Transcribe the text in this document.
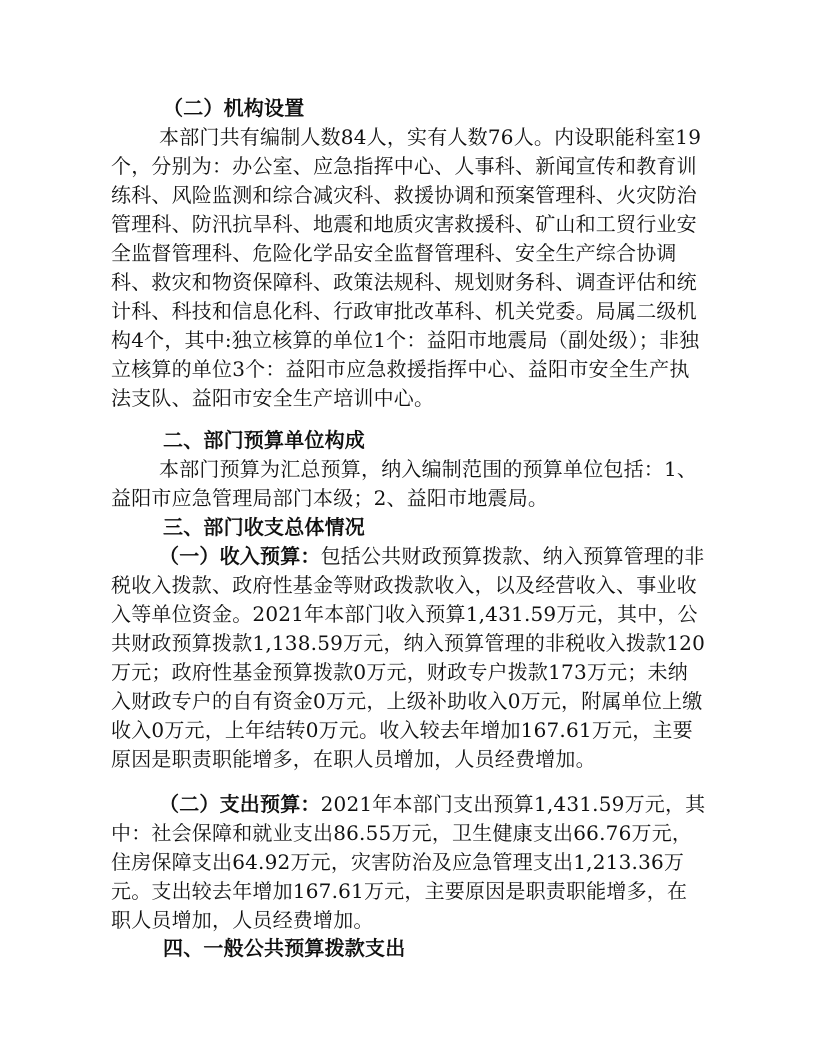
（二）机构设置

本部门共有编制人数84人，实有人数76人。内设职能科室19个，分别为：办公室、应急指挥中心、人事科、新闻宣传和教育训练科、风险监测和综合减灾科、救援协调和预案管理科、火灾防治管理科、防汛抗旱科、地震和地质灾害救援科、矿山和工贸行业安全监督管理科、危险化学品安全监督管理科、安全生产综合协调科、救灾和物资保障科、政策法规科、规划财务科、调查评估和统计科、科技和信息化科、行政审批改革科、机关党委。局属二级机构4个，其中:独立核算的单位1个：益阳市地震局（副处级）；非独立核算的单位3个：益阳市应急救援指挥中心、益阳市安全生产执法支队、益阳市安全生产培训中心。

二、部门预算单位构成

本部门预算为汇总预算，纳入编制范围的预算单位包括：1、益阳市应急管理局部门本级；2、益阳市地震局。

三、部门收支总体情况

（一）收入预算：包括公共财政预算拨款、纳入预算管理的非税收入拨款、政府性基金等财政拨款收入，以及经营收入、事业收入等单位资金。2021年本部门收入预算1,431.59万元，其中，公共财政预算拨款1,138.59万元，纳入预算管理的非税收入拨款120万元；政府性基金预算拨款0万元，财政专户拨款173万元；未纳入财政专户的自有资金0万元，上级补助收入0万元，附属单位上缴收入0万元，上年结转0万元。收入较去年增加167.61万元，主要原因是职责职能增多，在职人员增加，人员经费增加。

（二）支出预算：2021年本部门支出预算1,431.59万元，其中：社会保障和就业支出86.55万元，卫生健康支出66.76万元，住房保障支出64.92万元，灾害防治及应急管理支出1,213.36万元。支出较去年增加167.61万元，主要原因是职责职能增多，在职人员增加，人员经费增加。

四、一般公共预算拨款支出
